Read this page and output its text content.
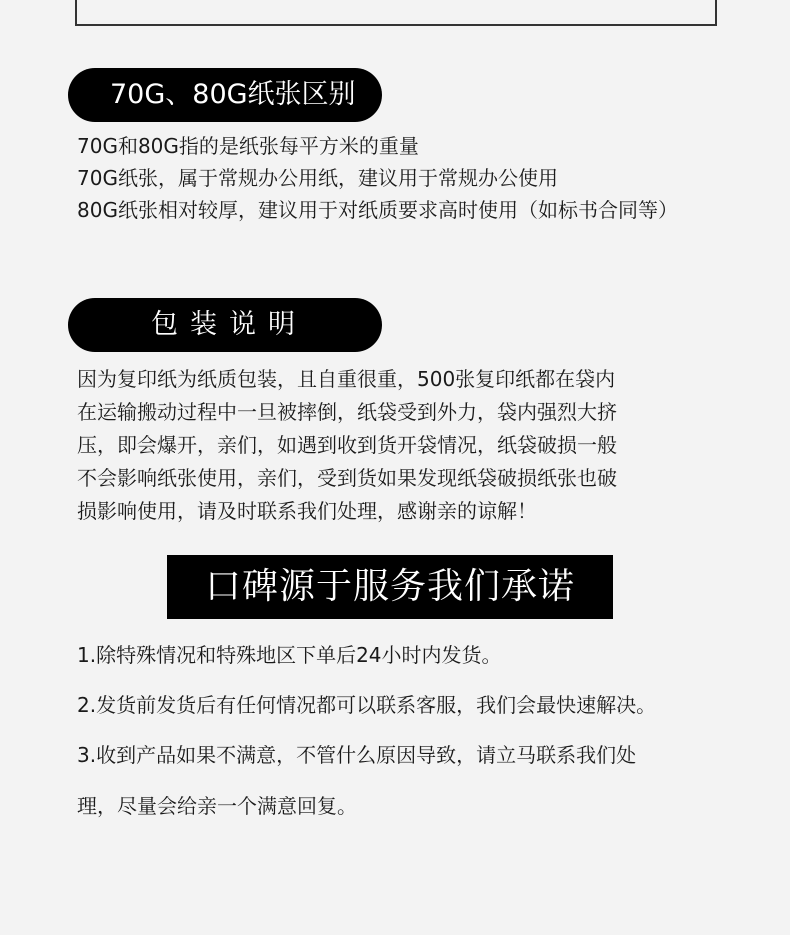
70G、80G纸张区别
70G和80G指的是纸张每平方米的重量
70G纸张，属于常规办公用纸，建议用于常规办公使用
80G纸张相对较厚，建议用于对纸质要求高时使用（如标书合同等）
包装说明
因为复印纸为纸质包装，且自重很重，500张复印纸都在袋内
在运输搬动过程中一旦被摔倒，纸袋受到外力，袋内强烈大挤
压，即会爆开，亲们，如遇到收到货开袋情况，纸袋破损一般
不会影响纸张使用，亲们，受到货如果发现纸袋破损纸张也破
损影响使用，请及时联系我们处理，感谢亲的谅解！
口碑源于服务我们承诺
1.除特殊情况和特殊地区下单后24小时内发货。
2.发货前发货后有任何情况都可以联系客服，我们会最快速解决。
3.收到产品如果不满意，不管什么原因导致，请立马联系我们处
理，尽量会给亲一个满意回复。
